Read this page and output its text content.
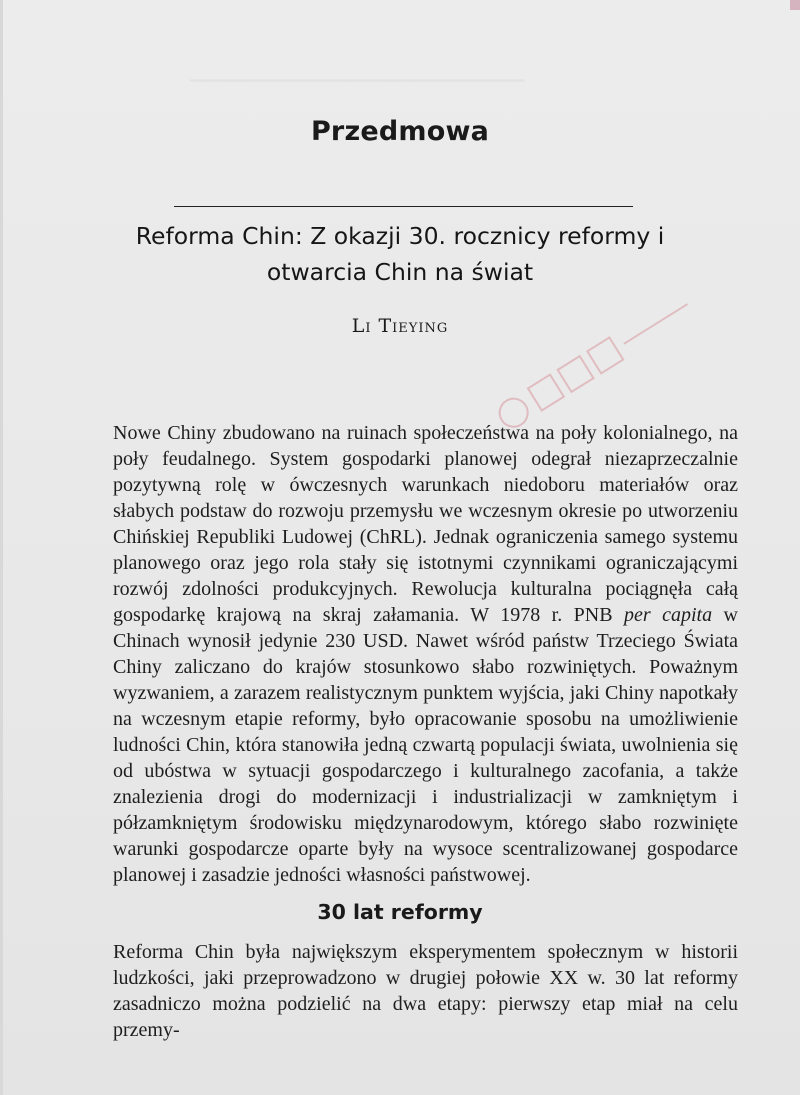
Przedmowa
Reforma Chin: Z okazji 30. rocznicy reformy i otwarcia Chin na świat
Li Tieying

Nowe Chiny zbudowano na ruinach społeczeństwa na poły kolonialnego, na poły feudalnego. System gospodarki planowej odegrał niezaprzeczalnie pozytywną rolę w ówczesnych warunkach niedoboru materiałów oraz słabych podstaw do rozwoju przemysłu we wczesnym okresie po utworzeniu Chińskiej Republiki Ludowej (ChRL). Jednak ograniczenia samego systemu planowego oraz jego rola stały się istotnymi czynnikami ograniczającymi rozwój zdolności produkcyjnych. Rewolucja kulturalna pociągnęła całą gospodarkę krajową na skraj załamania. W 1978 r. PNB per capita w Chinach wynosił jedynie 230 USD. Nawet wśród państw Trzeciego Świata Chiny zaliczano do krajów stosunkowo słabo rozwiniętych. Poważnym wyzwaniem, a zarazem realistycznym punktem wyjścia, jaki Chiny napotkały na wczesnym etapie reformy, było opracowanie sposobu na umożliwienie ludności Chin, która stanowiła jedną czwartą populacji świata, uwolnienia się od ubóstwa w sytuacji gospodarczego i kulturalnego zacofania, a także znalezienia drogi do modernizacji i industrializacji w zamkniętym i półzamkniętym środowisku międzynarodowym, którego słabo rozwinięte warunki gospodarcze oparte były na wysoce scentralizowanej gospodarce planowej i zasadzie jedności własności państwowej.

30 lat reformy

Reforma Chin była największym eksperymentem społecznym w historii ludzkości, jaki przeprowadzono w drugiej połowie XX w. 30 lat reformy zasadniczo można podzielić na dwa etapy: pierwszy etap miał na celu przemy-
